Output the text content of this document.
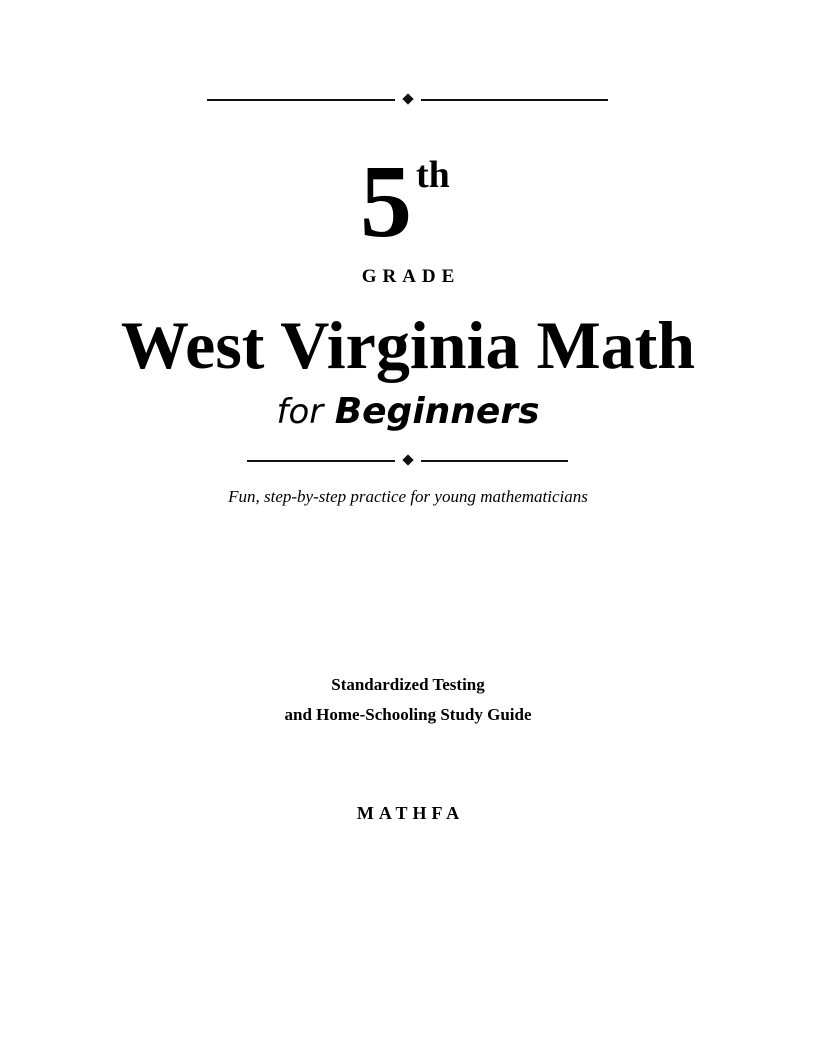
5 th
GRADE
West Virginia Math
for Beginners
Fun, step-by-step practice for young mathematicians
Standardized Testing
and Home-Schooling Study Guide
MATHFA
